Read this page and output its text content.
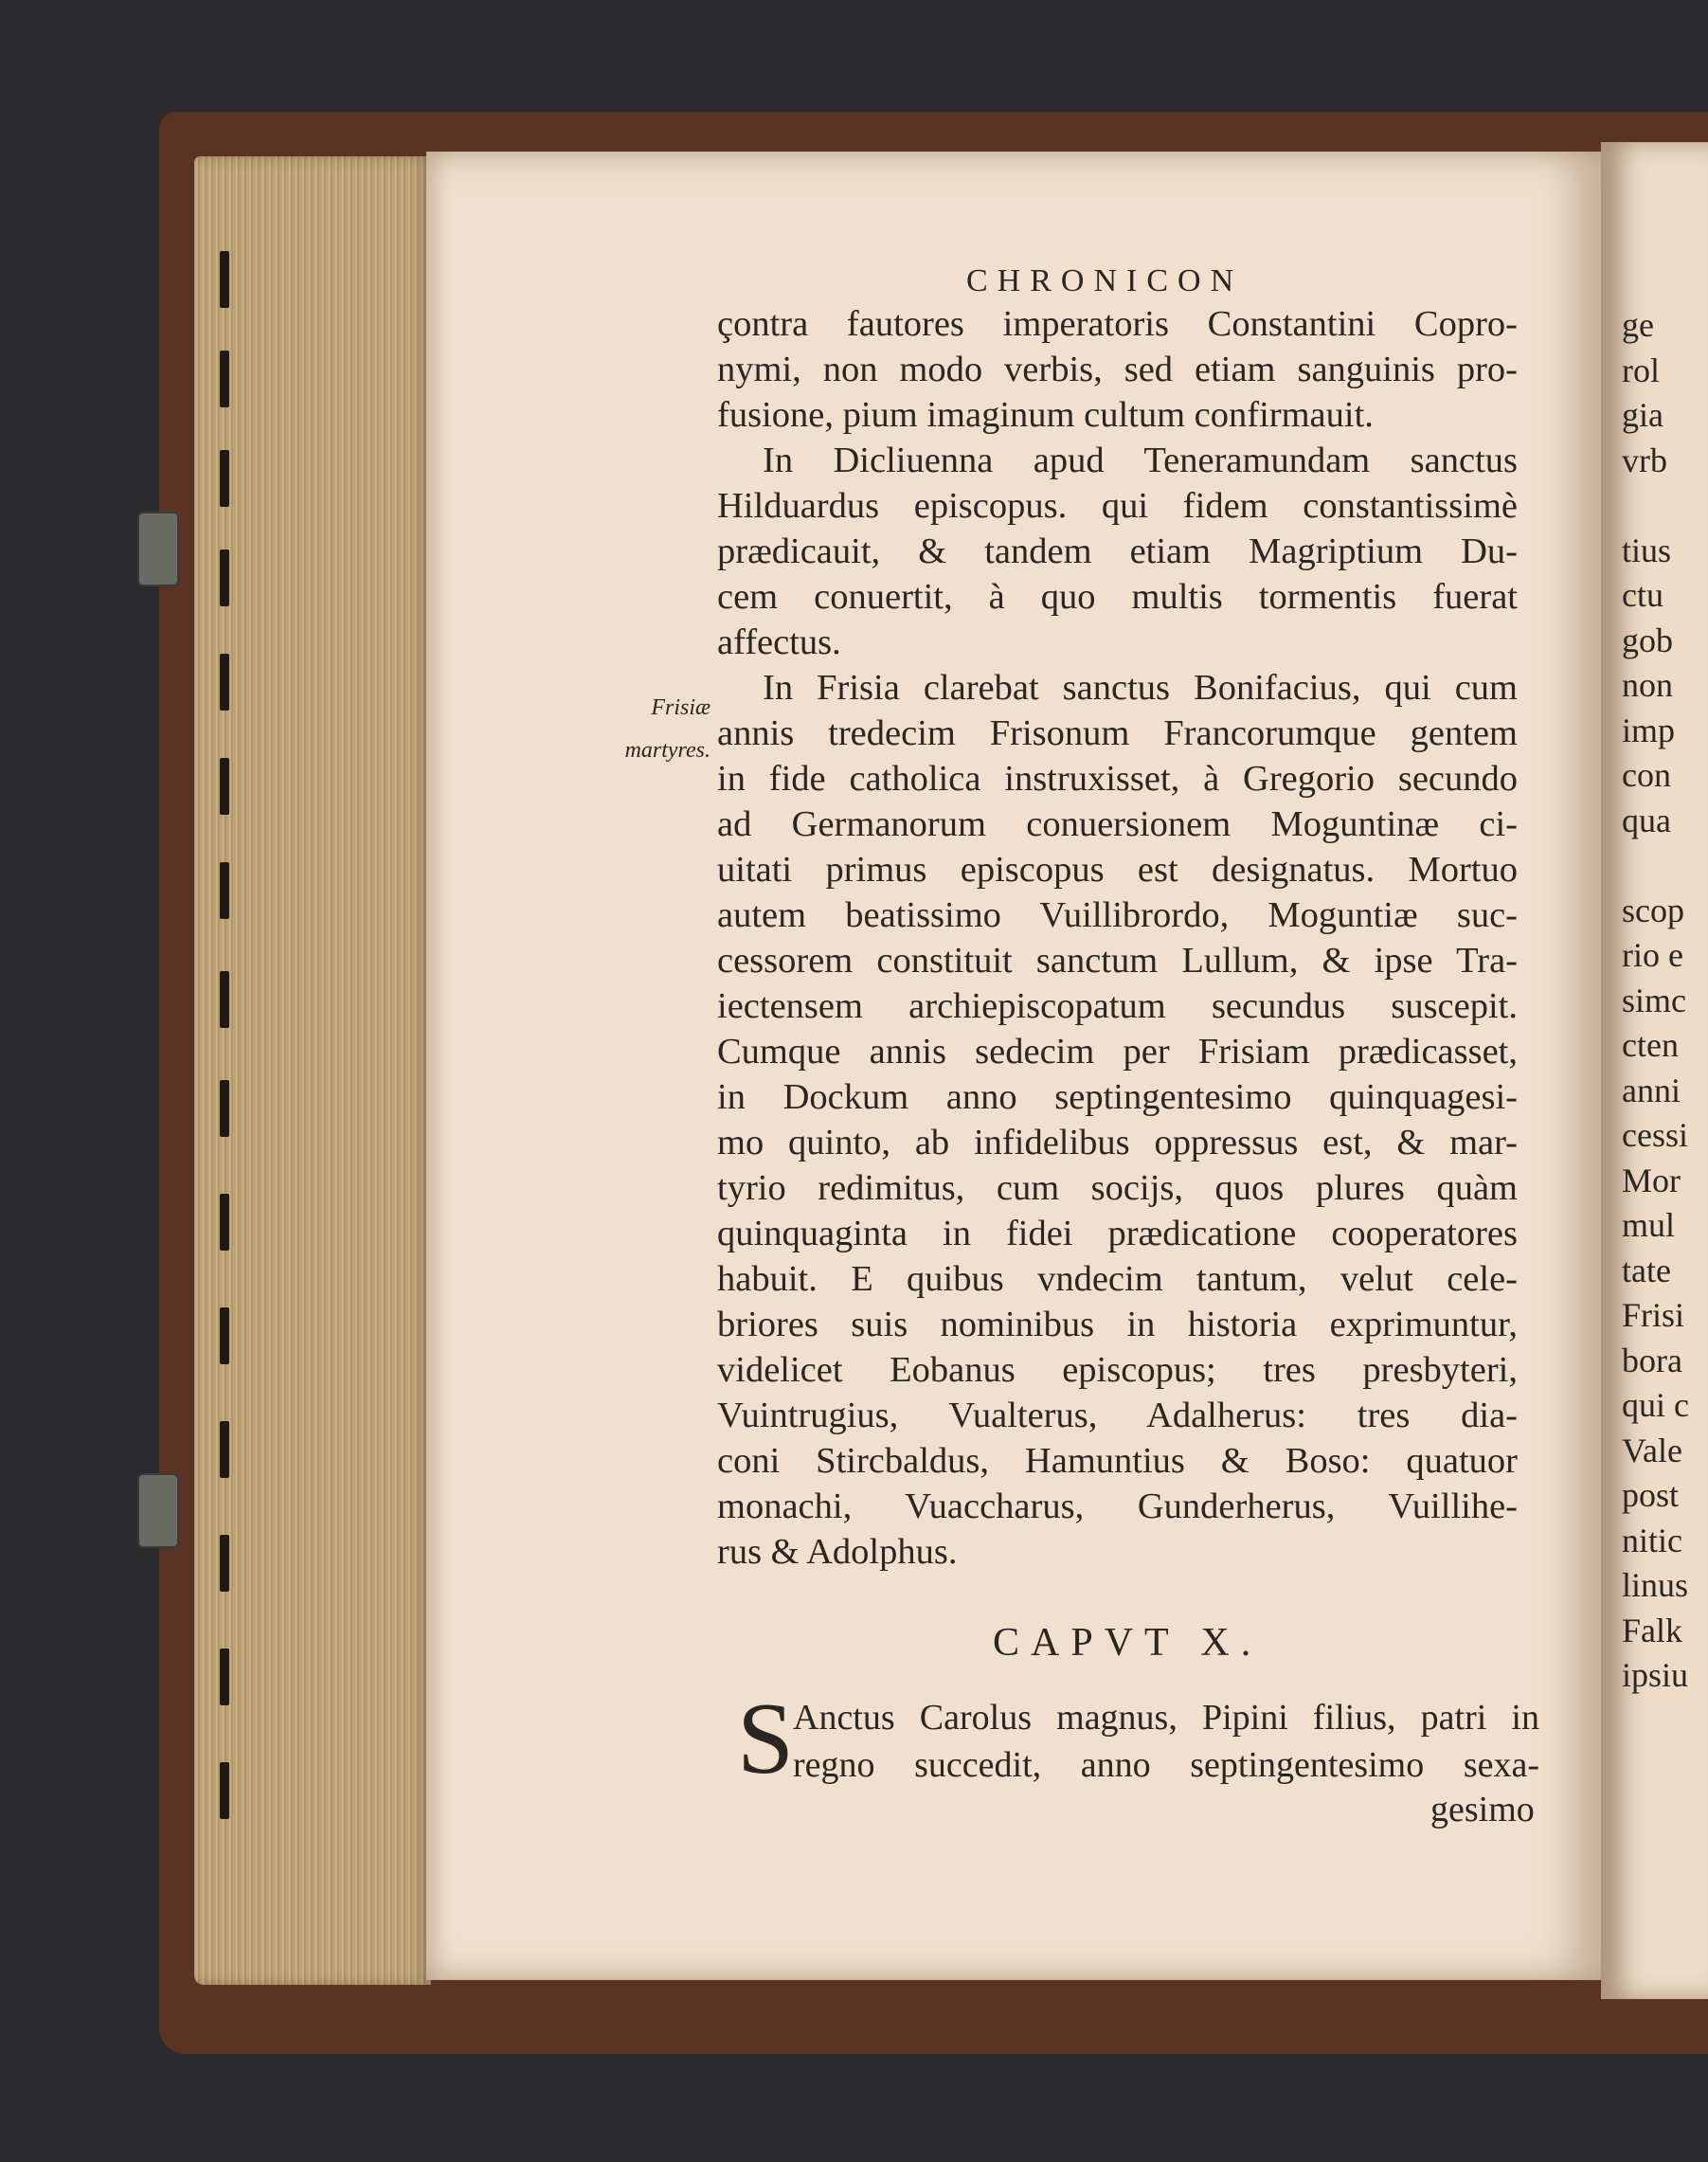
ge
rol
gia
vrb

tius
ctu
gob
non
imp
con
qua

scop
rio e
simc
cten
anni
cessi
Mor
mul
tate
Frisi
bora
qui c
Vale
post
nitic
linus
Falk
ipsiu
CHRONICON
Frisiæ
martyres.
çontra fautores imperatoris Constantini Copro-
nymi, non modo verbis, sed etiam sanguinis pro-
fusione, pium imaginum cultum confirmauit.
In Dicliuenna apud Teneramundam sanctus
Hilduardus episcopus. qui fidem constantissimè
prædicauit, & tandem etiam Magriptium Du-
cem conuertit, à quo multis tormentis fuerat
affectus.
In Frisia clarebat sanctus Bonifacius, qui cum
annis tredecim Frisonum Francorumque gentem
in fide catholica instruxisset, à Gregorio secundo
ad Germanorum conuersionem Moguntinæ ci-
uitati primus episcopus est designatus. Mortuo
autem beatissimo Vuillibrordo, Moguntiæ suc-
cessorem constituit sanctum Lullum, & ipse Tra-
iectensem archiepiscopatum secundus suscepit.
Cumque annis sedecim per Frisiam prædicasset,
in Dockum anno septingentesimo quinquagesi-
mo quinto, ab infidelibus oppressus est, & mar-
tyrio redimitus, cum socijs, quos plures quàm
quinquaginta in fidei prædicatione cooperatores
habuit. E quibus vndecim tantum, velut cele-
briores suis nominibus in historia exprimuntur,
videlicet Eobanus episcopus; tres presbyteri,
Vuintrugius, Vualterus, Adalherus: tres dia-
coni Stircbaldus, Hamuntius & Boso: quatuor
monachi, Vuaccharus, Gunderherus, Vuillihe-
rus & Adolphus.
CAPVT X.
S
Anctus Carolus magnus, Pipini filius, patri in
regno succedit, anno septingentesimo sexa-
gesimo
